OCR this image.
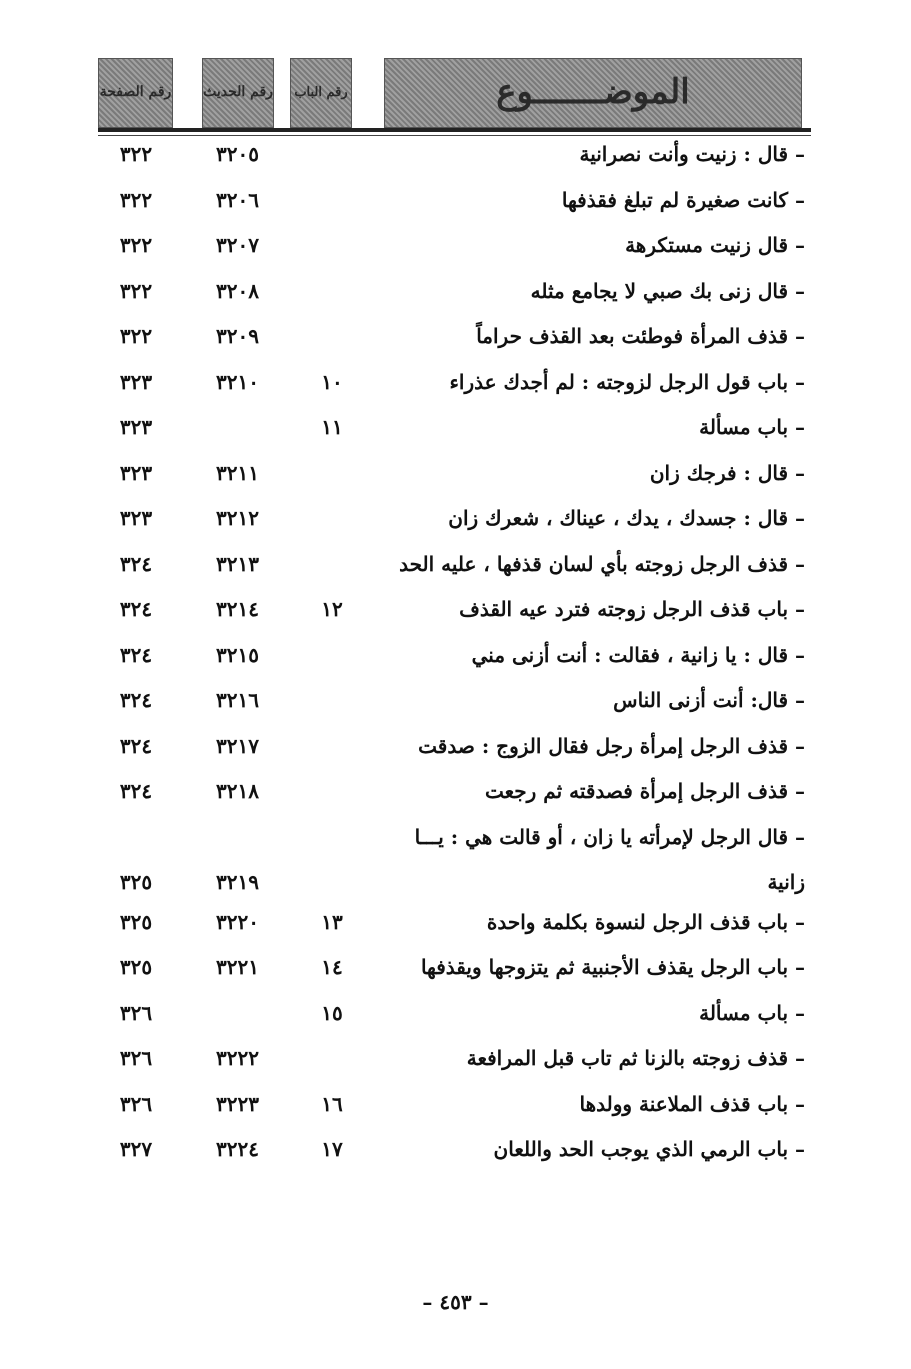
رقم الصفحة رقم الحديث	رقم الباب	الموضـــــــوع
– قال : زنيت وأنت نصرانية
٣٢٠٥
٣٢٢
– كانت صغيرة لم تبلغ فقذفها
٣٢٠٦
٣٢٢
– قال زنيت مستكرهة
٣٢٠٧
٣٢٢
– قال زنى بك صبي لا يجامع مثله
٣٢٠٨
٣٢٢
– قذف المرأة فوطئت بعد القذف حراماً
٣٢٠٩
٣٢٢
– باب قول الرجل لزوجته : لم أجدك عذراء
١٠
٣٢١٠
٣٢٣
– باب مسألة
١١
٣٢٣
– قال : فرجك زان
٣٢١١
٣٢٣
– قال : جسدك ، يدك ، عيناك ، شعرك زان
٣٢١٢
٣٢٣
– قذف الرجل زوجته بأي لسان قذفها ، عليه الحد
٣٢١٣
٣٢٤
– باب قذف الرجل زوجته فترد عيه القذف
١٢
٣٢١٤
٣٢٤
– قال : يا زانية ، فقالت : أنت أزنى مني
٣٢١٥
٣٢٤
– قال: أنت أزنى الناس
٣٢١٦
٣٢٤
– قذف الرجل إمرأة رجل فقال الزوج : صدقت
٣٢١٧
٣٢٤
– قذف الرجل إمرأة فصدقته ثم رجعت
٣٢١٨
٣٢٤
– قال الرجل لإمرأته يا زان ، أو قالت هي : يـــا
زانية
٣٢١٩
٣٢٥
– باب قذف الرجل لنسوة بكلمة واحدة
١٣
٣٢٢٠
٣٢٥
– باب الرجل يقذف الأجنبية ثم يتزوجها ويقذفها
١٤
٣٢٢١
٣٢٥
– باب مسألة
١٥
٣٢٦
– قذف زوجته بالزنا ثم تاب قبل المرافعة
٣٢٢٢
٣٢٦
– باب قذف الملاعنة وولدها
١٦
٣٢٢٣
٣٢٦
– باب الرمي الذي يوجب الحد واللعان
١٧
٣٢٢٤
٣٢٧
– ٤٥٣ –
